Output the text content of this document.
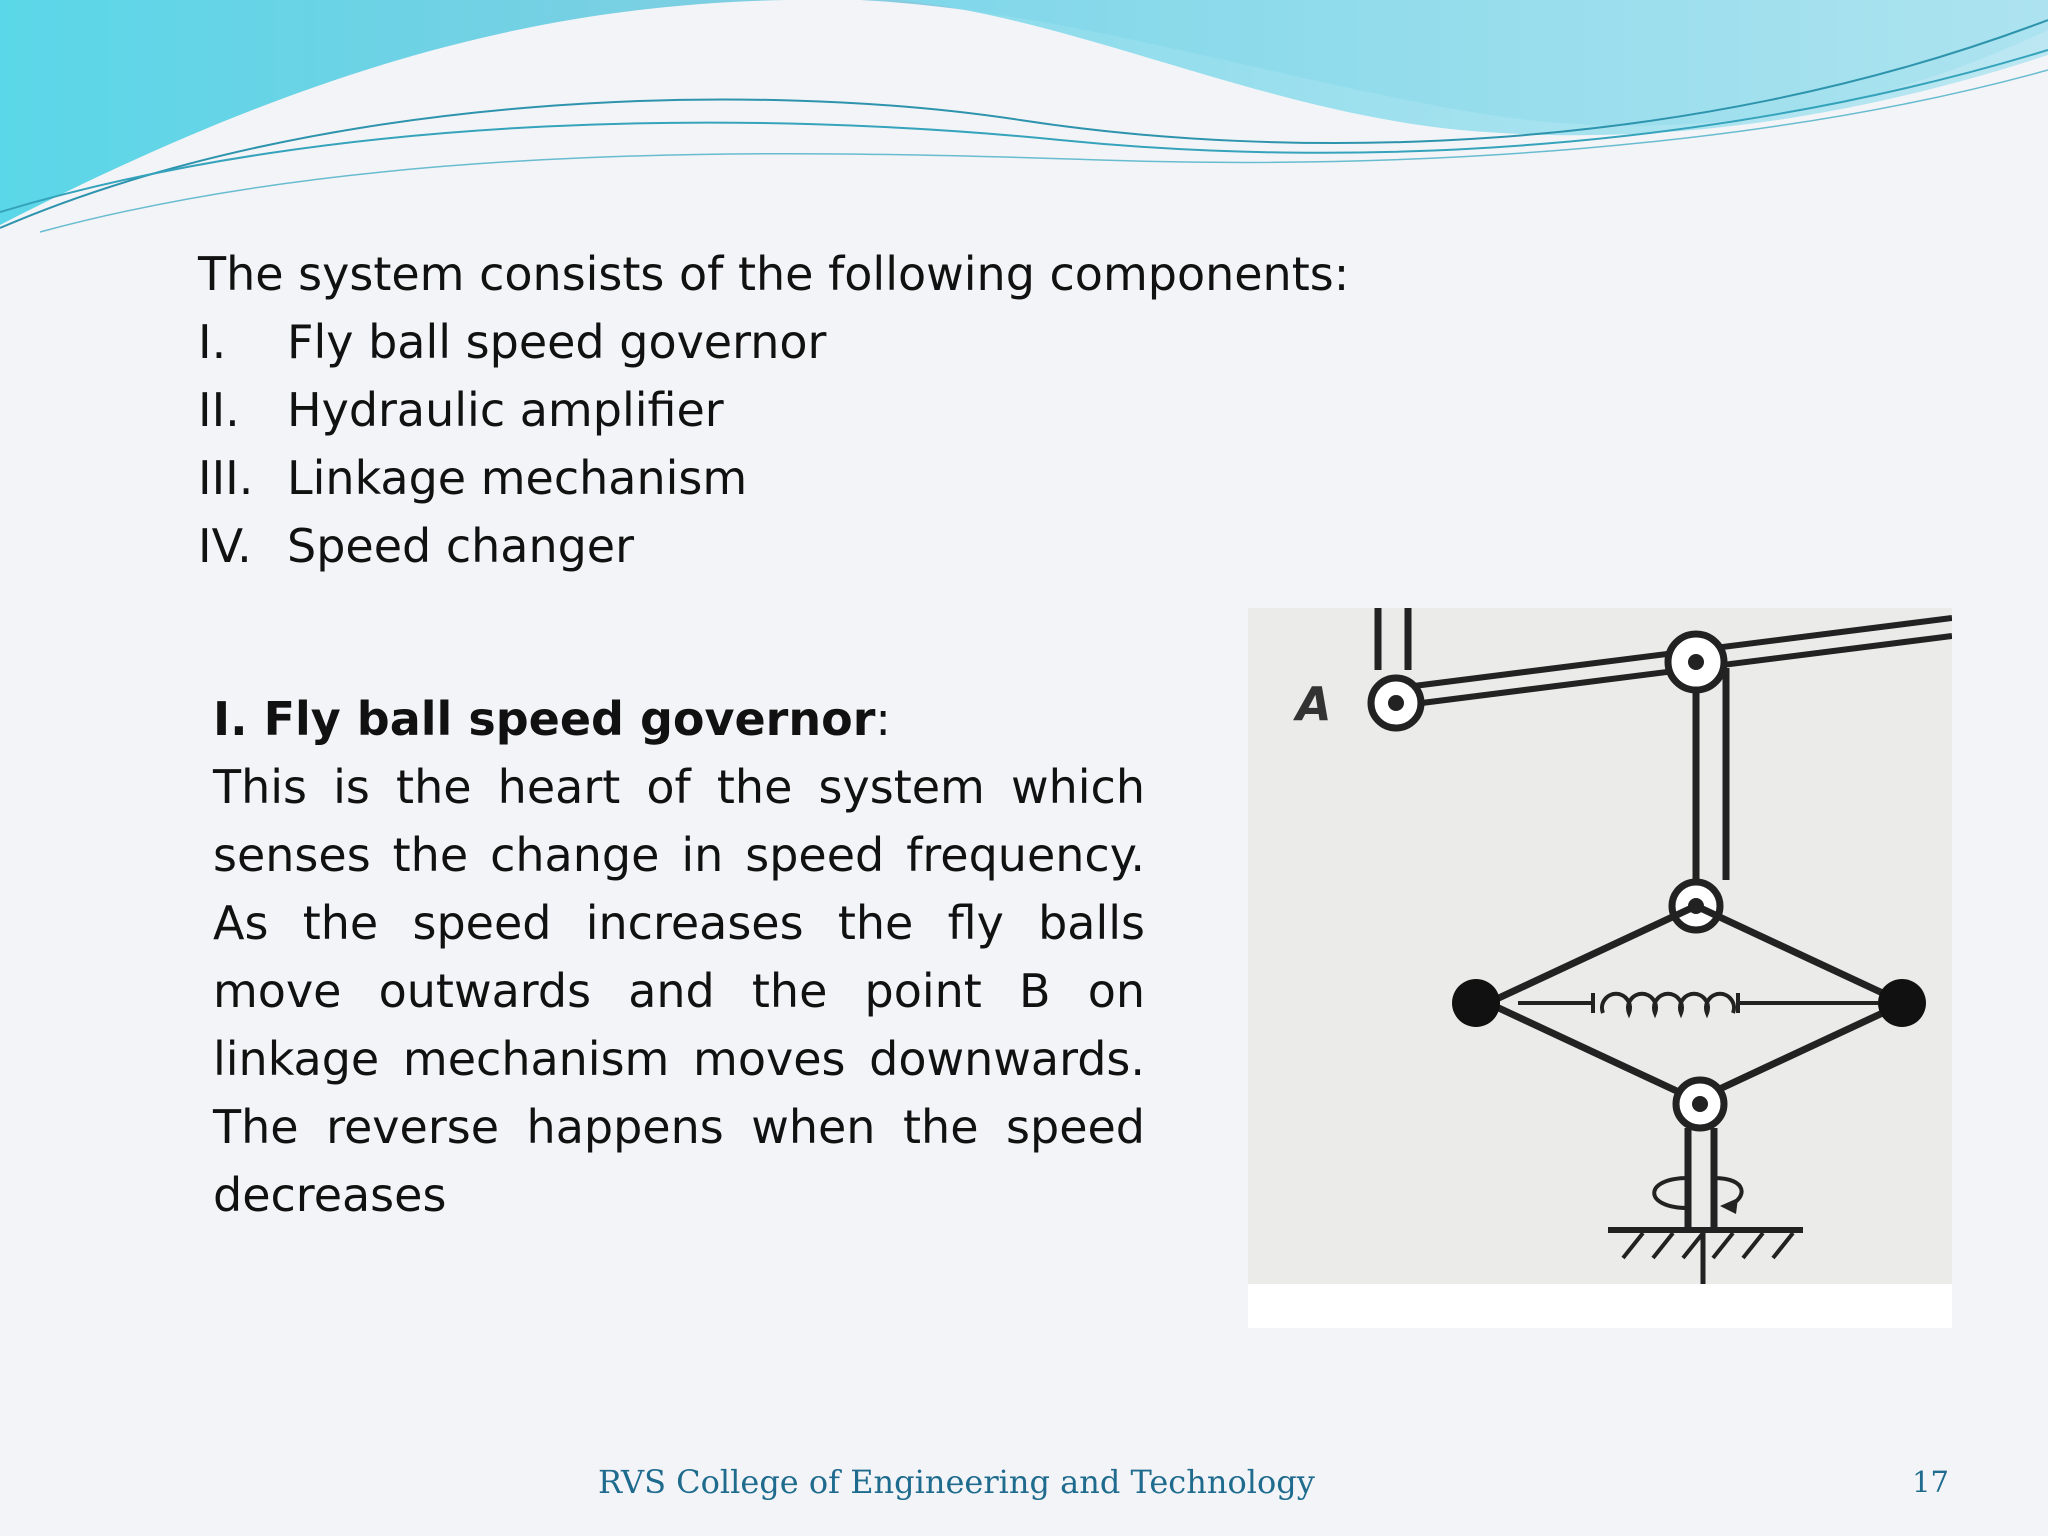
The system consists of the following components:
I.	Fly ball speed governor
II.	Hydraulic amplifier
III. Linkage mechanism
IV. Speed changer
I. Fly ball speed governor:
This is the heart of the system which senses the change in speed frequency. As the speed increases the fly balls move outwards and the point B on linkage mechanism moves downwards. The reverse happens when the speed decreases
A
RVS College of Engineering and Technology	17
